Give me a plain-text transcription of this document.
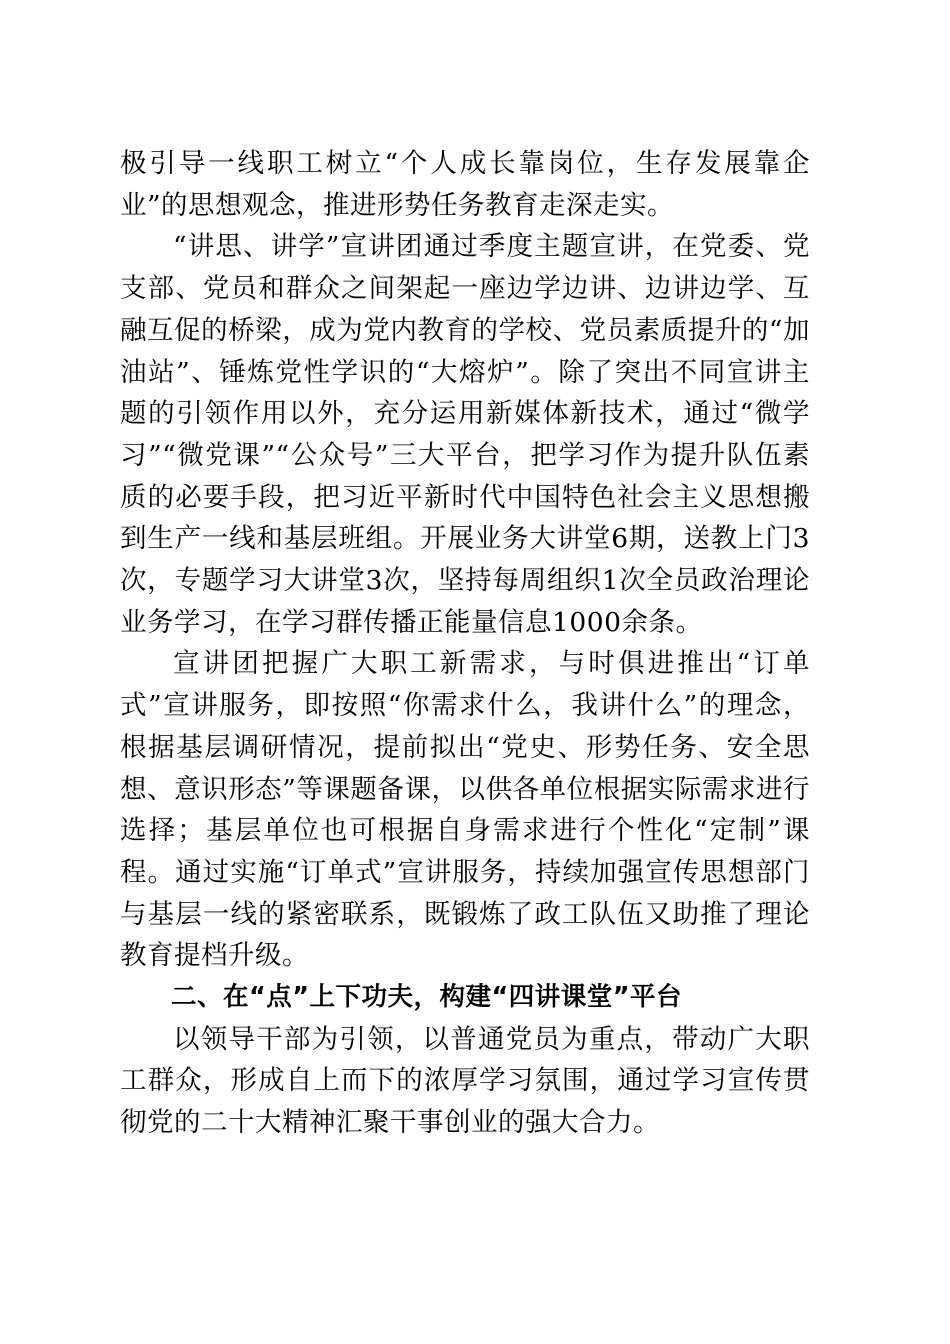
极引导一线职工树立“个人成长靠岗位，生存发展靠企业”的思想观念，推进形势任务教育走深走实。

“讲思、讲学”宣讲团通过季度主题宣讲，在党委、党支部、党员和群众之间架起一座边学边讲、边讲边学、互融互促的桥梁，成为党内教育的学校、党员素质提升的“加油站”、锤炼党性学识的“大熔炉”。除了突出不同宣讲主题的引领作用以外，充分运用新媒体新技术，通过“微学习”“微党课”“公众号”三大平台，把学习作为提升队伍素质的必要手段，把习近平新时代中国特色社会主义思想搬到生产一线和基层班组。开展业务大讲堂6期，送教上门3次，专题学习大讲堂3次，坚持每周组织1次全员政治理论业务学习，在学习群传播正能量信息1000余条。

宣讲团把握广大职工新需求，与时俱进推出“订单式”宣讲服务，即按照“你需求什么，我讲什么”的理念，根据基层调研情况，提前拟出“党史、形势任务、安全思想、意识形态”等课题备课，以供各单位根据实际需求进行选择；基层单位也可根据自身需求进行个性化“定制”课程。通过实施“订单式”宣讲服务，持续加强宣传思想部门与基层一线的紧密联系，既锻炼了政工队伍又助推了理论教育提档升级。

二、在“点”上下功夫，构建“四讲课堂”平台

以领导干部为引领，以普通党员为重点，带动广大职工群众，形成自上而下的浓厚学习氛围，通过学习宣传贯彻党的二十大精神汇聚干事创业的强大合力。
